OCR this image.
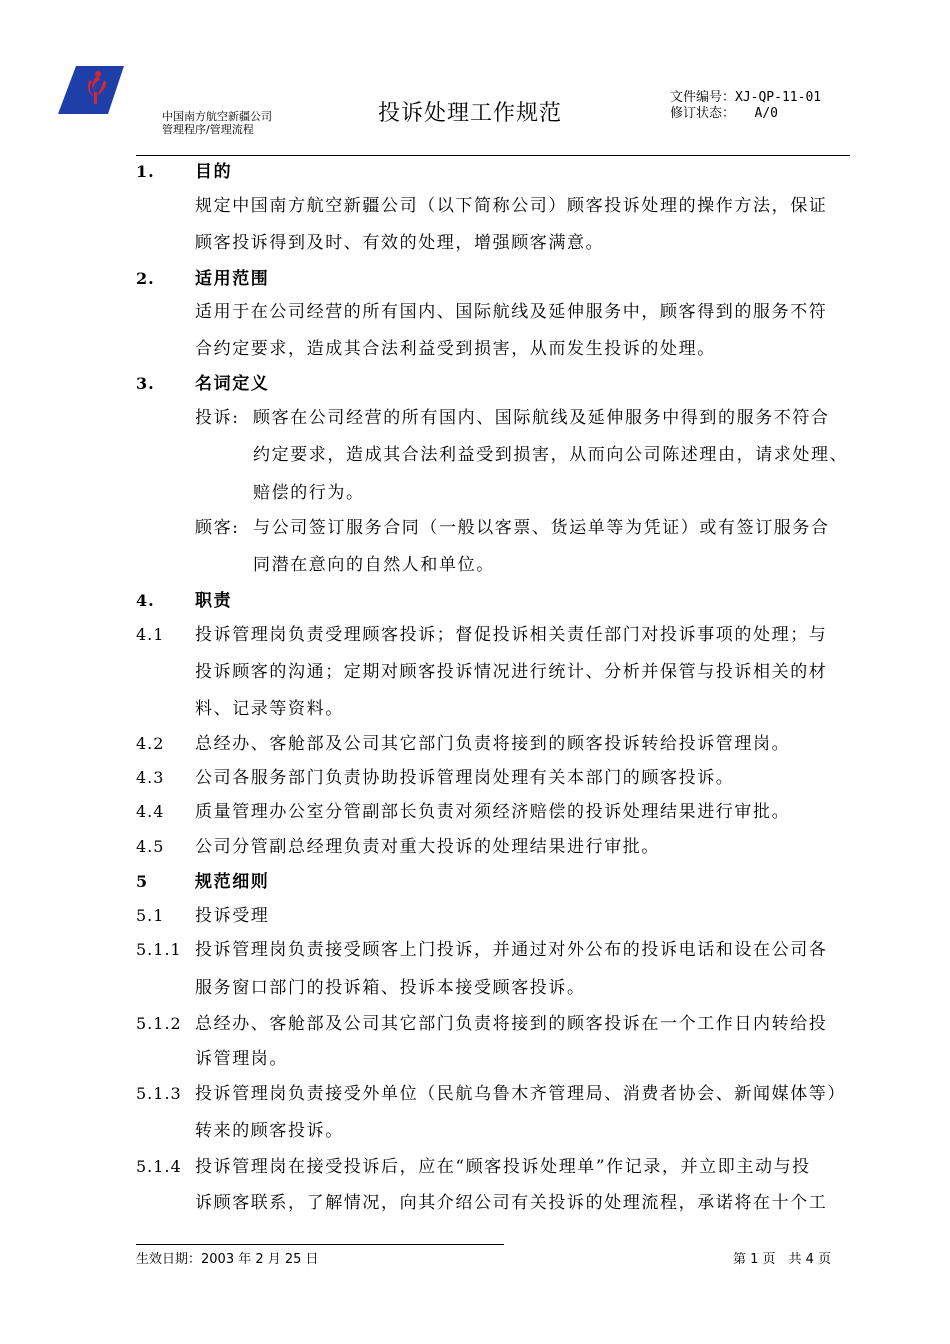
中国南方航空新疆公司
管理程序/管理流程
投诉处理工作规范
文件编号：XJ-QP-11-01
修订状态：　　A/0
1. 目的
规定中国南方航空新疆公司（以下简称公司）顾客投诉处理的操作方法，保证
顾客投诉得到及时、有效的处理，增强顾客满意。
2. 适用范围
适用于在公司经营的所有国内、国际航线及延伸服务中，顾客得到的服务不符
合约定要求，造成其合法利益受到损害，从而发生投诉的处理。
3. 名词定义
投诉: 顾客在公司经营的所有国内、国际航线及延伸服务中得到的服务不符合
约定要求，造成其合法利益受到损害，从而向公司陈述理由，请求处理、
赔偿的行为。
顾客: 与公司签订服务合同（一般以客票、货运单等为凭证）或有签订服务合
同潜在意向的自然人和单位。
4. 职责
4.1 投诉管理岗负责受理顾客投诉；督促投诉相关责任部门对投诉事项的处理；与
投诉顾客的沟通；定期对顾客投诉情况进行统计、分析并保管与投诉相关的材
料、记录等资料。
4.2 总经办、客舱部及公司其它部门负责将接到的顾客投诉转给投诉管理岗。
4.3 公司各服务部门负责协助投诉管理岗处理有关本部门的顾客投诉。
4.4 质量管理办公室分管副部长负责对须经济赔偿的投诉处理结果进行审批。
4.5 公司分管副总经理负责对重大投诉的处理结果进行审批。
5	规范细则
5.1 投诉受理
5.1.1 投诉管理岗负责接受顾客上门投诉，并通过对外公布的投诉电话和设在公司各
服务窗口部门的投诉箱、投诉本接受顾客投诉。
5.1.2 总经办、客舱部及公司其它部门负责将接到的顾客投诉在一个工作日内转给投
诉管理岗。
5.1.3 投诉管理岗负责接受外单位（民航乌鲁木齐管理局、消费者协会、新闻媒体等）
转来的顾客投诉。
5.1.4 投诉管理岗在接受投诉后，应在“顾客投诉处理单”作记录，并立即主动与投
诉顾客联系，了解情况，向其介绍公司有关投诉的处理流程，承诺将在十个工
生效日期：2003 年 2 月 25 日	第 1 页　共 4 页
